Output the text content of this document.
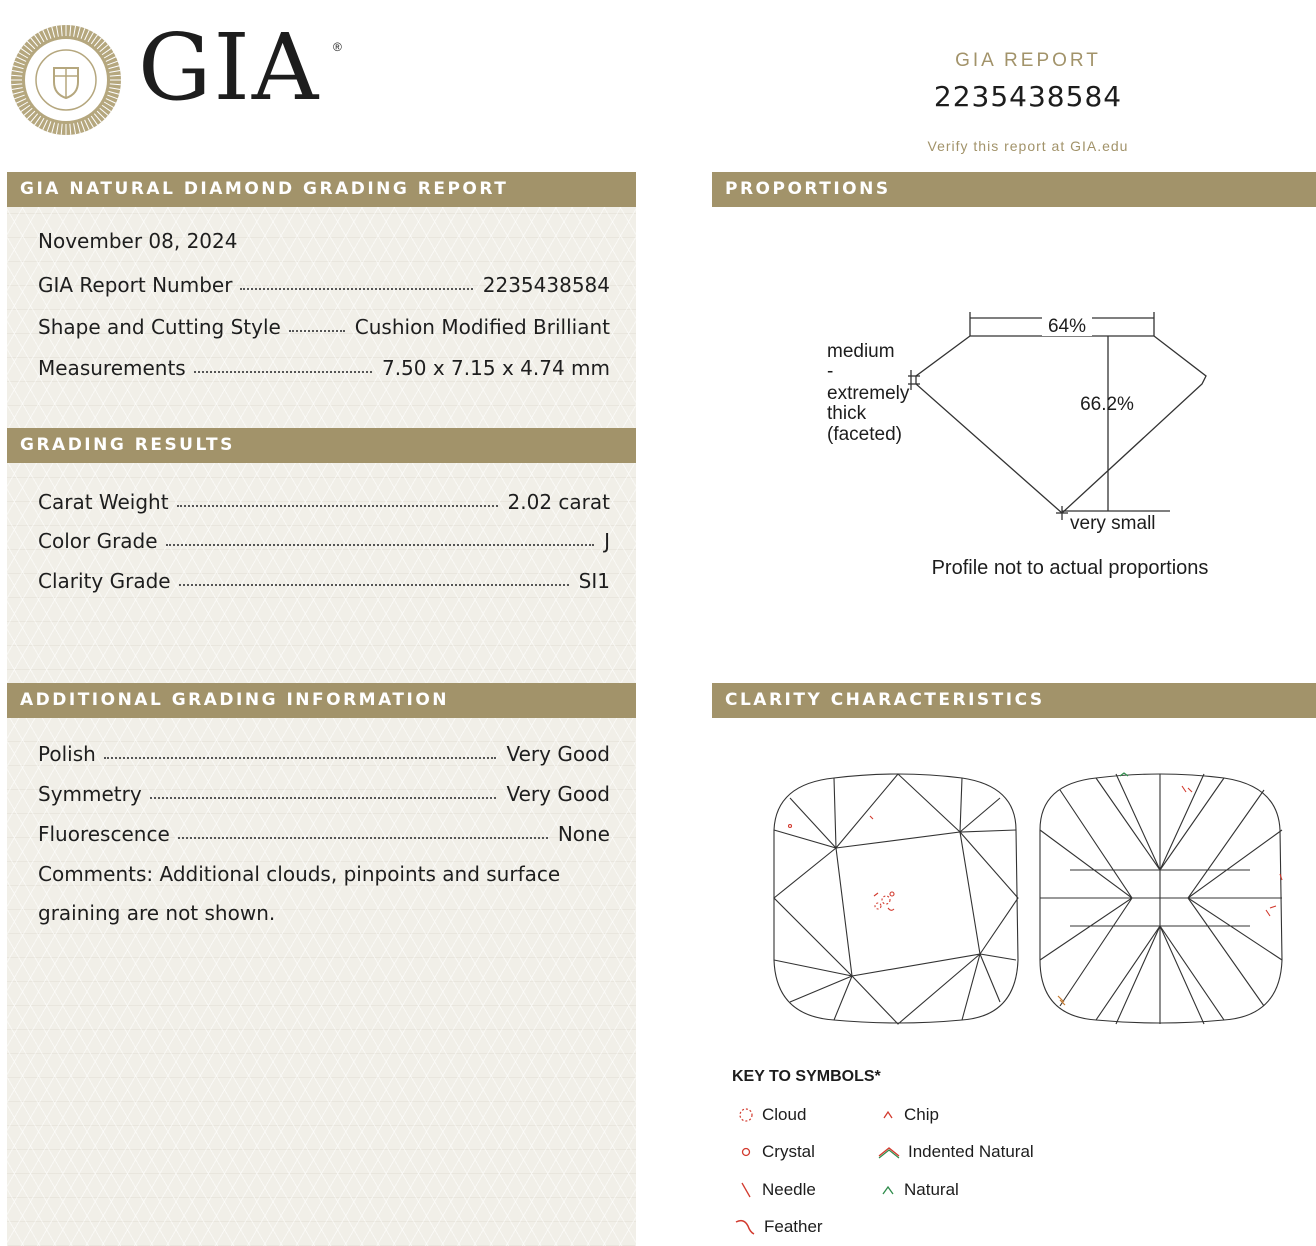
GIA ®
GIA REPORT
2235438584
Verify this report at GIA.edu
GIA NATURAL DIAMOND GRADING REPORT
November 08, 2024
GIA Report Number	2235438584
Shape and Cutting Style	Cushion Modified Brilliant
Measurements	7.50 x 7.15 x 4.74 mm
GRADING RESULTS
Carat Weight	2.02 carat
Color Grade	J
Clarity Grade	SI1
ADDITIONAL GRADING INFORMATION
Polish	Very Good
Symmetry	Very Good
Fluorescence	None
Comments: Additional clouds, pinpoints and surface graining are not shown.
PROPORTIONS
64%
66.2%
medium
-
extremely
thick
(faceted)
very small
Profile not to actual proportions
CLARITY CHARACTERISTICS
KEY TO SYMBOLS*
Cloud	Chip
Crystal	Indented Natural
Needle	Natural
Feather
